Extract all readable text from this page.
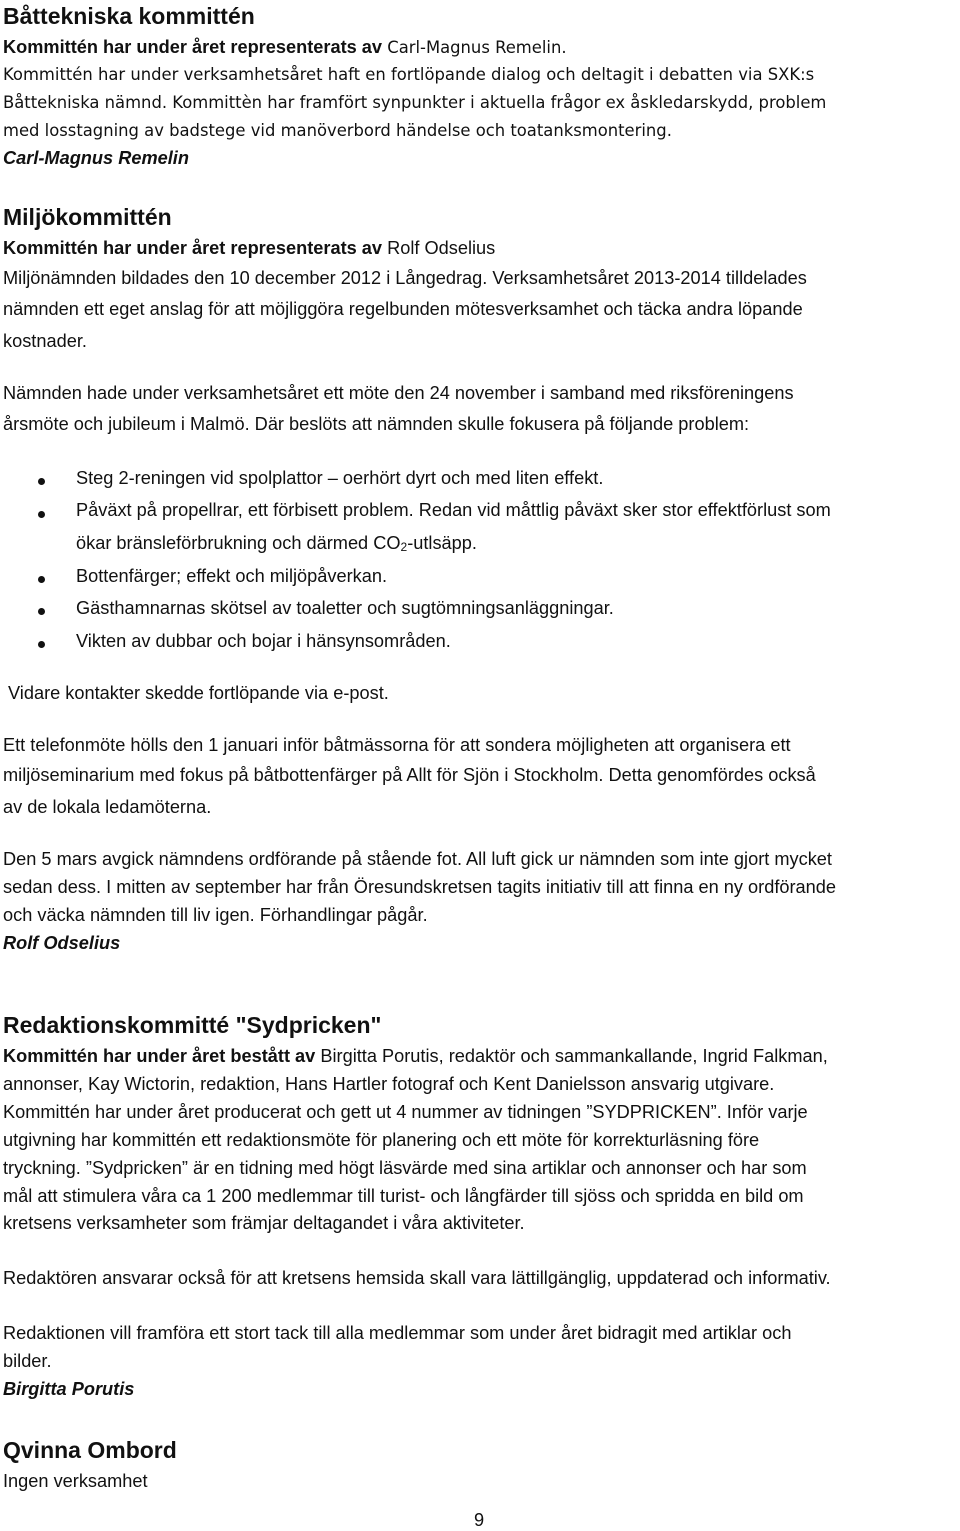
Båttekniska kommittén
Kommittén har under året representerats av Carl-Magnus Remelin.
Kommittén har under verksamhetsåret haft en fortlöpande dialog och deltagit i debatten via SXK:s
Båttekniska nämnd. Kommittèn har framfört synpunkter i aktuella frågor ex åskledarskydd, problem
med losstagning av badstege vid manöverbord händelse och toatanksmontering.
Carl-Magnus Remelin
Miljökommittén
Kommittén har under året representerats av Rolf Odselius
Miljönämnden bildades den 10 december 2012 i Långedrag. Verksamhetsåret 2013-2014 tilldelades
nämnden ett eget anslag för att möjliggöra regelbunden mötesverksamhet och täcka andra löpande
kostnader.
Nämnden hade under verksamhetsåret ett möte den 24 november i samband med riksföreningens
årsmöte och jubileum i Malmö. Där beslöts att nämnden skulle fokusera på följande problem:
Steg 2-reningen vid spolplattor – oerhört dyrt och med liten effekt.
Påväxt på propellrar, ett förbisett problem. Redan vid måttlig påväxt sker stor effektförlust som
ökar bränsleförbrukning och därmed $CO_2$-utlsäpp.
Bottenfärger; effekt och miljöpåverkan.
Gästhamnarnas skötsel av toaletter och sugtömningsanläggningar.
Vikten av dubbar och bojar i hänsynsområden.
Vidare kontakter skedde fortlöpande via e-post.
Ett telefonmöte hölls den 1 januari inför båtmässorna för att sondera möjligheten att organisera ett
miljöseminarium med fokus på båtbottenfärger på Allt för Sjön i Stockholm. Detta genomfördes också
av de lokala ledamöterna.
Den 5 mars avgick nämndens ordförande på stående fot. All luft gick ur nämnden som inte gjort mycket
sedan dess. I mitten av september har från Öresundskretsen tagits initiativ till att finna en ny ordförande
och väcka nämnden till liv igen. Förhandlingar pågår.
Rolf Odselius
Redaktionskommitté "Sydpricken"
Kommittén har under året bestått av Birgitta Porutis, redaktör och sammankallande, Ingrid Falkman,
annonser, Kay Wictorin, redaktion, Hans Hartler fotograf och Kent Danielsson ansvarig utgivare.
Kommittén har under året producerat och gett ut 4 nummer av tidningen ”SYDPRICKEN”. Inför varje
utgivning har kommittén ett redaktionsmöte för planering och ett möte för korrekturläsning före
tryckning. ”Sydpricken” är en tidning med högt läsvärde med sina artiklar och annonser och har som
mål att stimulera våra ca 1 200 medlemmar till turist- och långfärder till sjöss och spridda en bild om
kretsens verksamheter som främjar deltagandet i våra aktiviteter.
Redaktören ansvarar också för att kretsens hemsida skall vara lättillgänglig, uppdaterad och informativ.
Redaktionen vill framföra ett stort tack till alla medlemmar som under året bidragit med artiklar och
bilder.
Birgitta Porutis
Qvinna Ombord
Ingen verksamhet
9
